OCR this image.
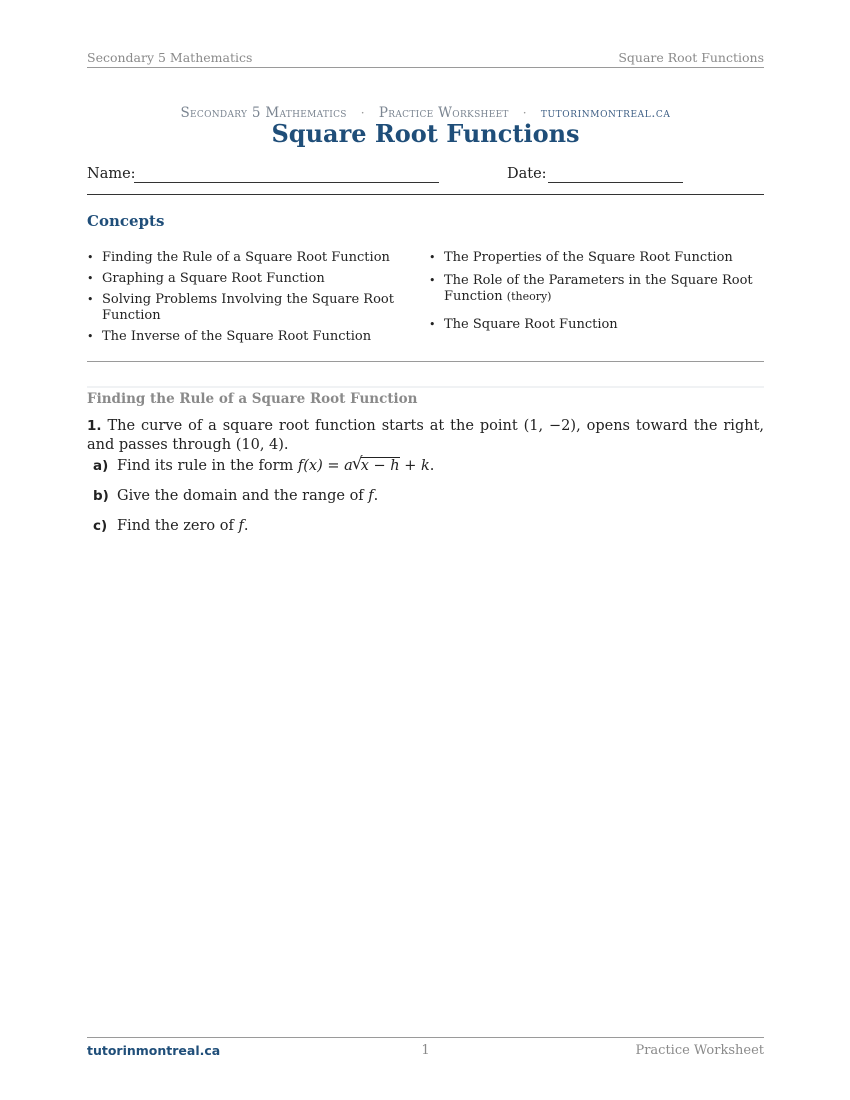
Secondary 5 Mathematics	Square Root Functions
Secondary 5 Mathematics · Practice Worksheet · tutorinmontreal.ca
Square Root Functions
Name:	Date:
Concepts
• Finding the Rule of a Square Root Function
• Graphing a Square Root Function
• Solving Problems Involving the Square Root Function
• The Inverse of the Square Root Function
• The Properties of the Square Root Function
• The Role of the Parameters in the Square Root Function (theory)
• The Square Root Function
Finding the Rule of a Square Root Function
1. The curve of a square root function starts at the point (1, −2), opens toward the right, and passes through (10, 4).
a) Find its rule in the form f(x) = a √
x − h + k.
b) Give the domain and the range of f.
c) Find the zero of f.
tutorinmontreal.ca	1	Practice Worksheet
